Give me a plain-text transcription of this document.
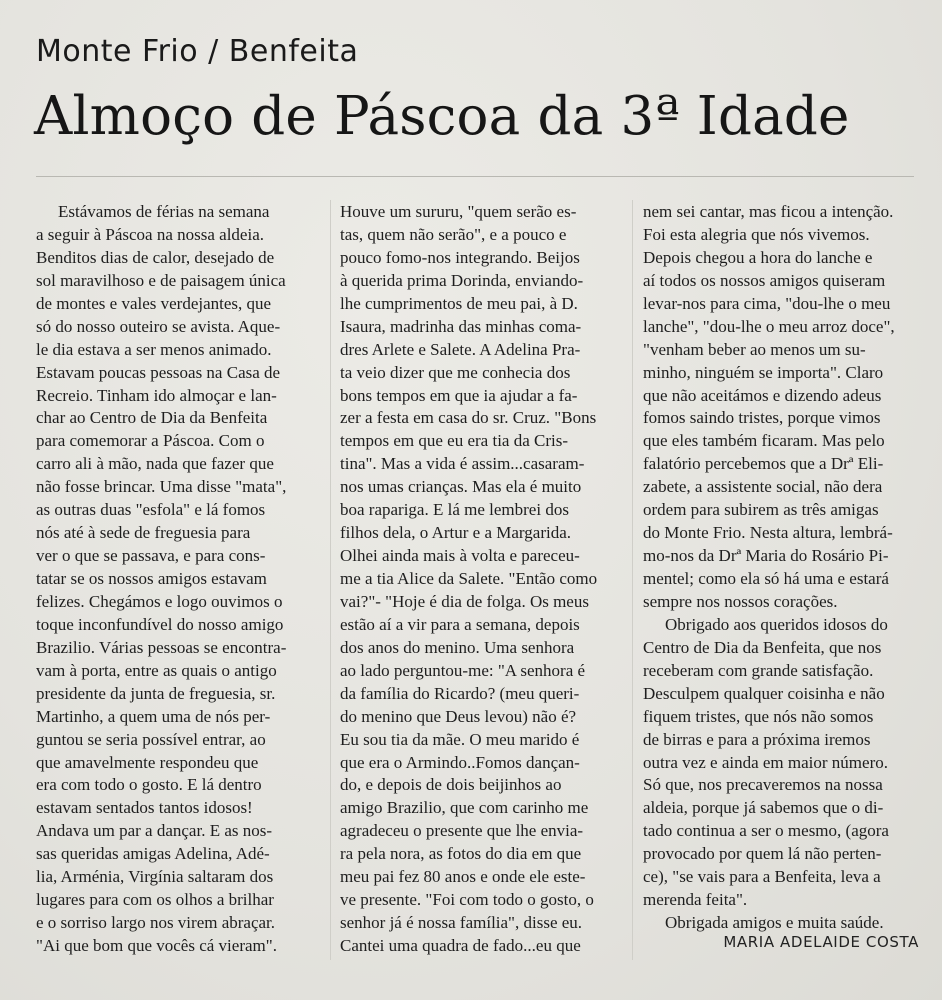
Monte Frio / Benfeita
Almoço de Páscoa da 3ª Idade
Estávamos de férias na semana
a seguir à Páscoa na nossa aldeia.
Benditos dias de calor, desejado de
sol maravilhoso e de paisagem única
de montes e vales verdejantes, que
só do nosso outeiro se avista. Aque-
le dia estava a ser menos animado.
Estavam poucas pessoas na Casa de
Recreio. Tinham ido almoçar e lan-
char ao Centro de Dia da Benfeita
para comemorar a Páscoa. Com o
carro ali à mão, nada que fazer que
não fosse brincar. Uma disse "mata",
as outras duas "esfola" e lá fomos
nós até à sede de freguesia para
ver o que se passava, e para cons-
tatar se os nossos amigos estavam
felizes. Chegámos e logo ouvimos o
toque inconfundível do nosso amigo
Brazilio. Várias pessoas se encontra-
vam à porta, entre as quais o antigo
presidente da junta de freguesia, sr.
Martinho, a quem uma de nós per-
guntou se seria possível entrar, ao
que amavelmente respondeu que
era com todo o gosto. E lá dentro
estavam sentados tantos idosos!
Andava um par a dançar. E as nos-
sas queridas amigas Adelina, Adé-
lia, Arménia, Virgínia saltaram dos
lugares para com os olhos a brilhar
e o sorriso largo nos virem abraçar.
"Ai que bom que vocês cá vieram".
Houve um sururu, "quem serão es-
tas, quem não serão", e a pouco e
pouco fomo-nos integrando. Beijos
à querida prima Dorinda, enviando-
lhe cumprimentos de meu pai, à D.
Isaura, madrinha das minhas coma-
dres Arlete e Salete. A Adelina Pra-
ta veio dizer que me conhecia dos
bons tempos em que ia ajudar a fa-
zer a festa em casa do sr. Cruz. "Bons
tempos em que eu era tia da Cris-
tina". Mas a vida é assim...casaram-
nos umas crianças. Mas ela é muito
boa rapariga. E lá me lembrei dos
filhos dela, o Artur e a Margarida.
Olhei ainda mais à volta e pareceu-
me a tia Alice da Salete. "Então como
vai?"- "Hoje é dia de folga. Os meus
estão aí a vir para a semana, depois
dos anos do menino. Uma senhora
ao lado perguntou-me: "A senhora é
da família do Ricardo? (meu queri-
do menino que Deus levou) não é?
Eu sou tia da mãe. O meu marido é
que era o Armindo..Fomos dançan-
do, e depois de dois beijinhos ao
amigo Brazilio, que com carinho me
agradeceu o presente que lhe envia-
ra pela nora, as fotos do dia em que
meu pai fez 80 anos e onde ele este-
ve presente. "Foi com todo o gosto, o
senhor já é nossa família", disse eu.
Cantei uma quadra de fado...eu que
nem sei cantar, mas ficou a intenção.
Foi esta alegria que nós vivemos.
Depois chegou a hora do lanche e
aí todos os nossos amigos quiseram
levar-nos para cima, "dou-lhe o meu
lanche", "dou-lhe o meu arroz doce",
"venham beber ao menos um su-
minho, ninguém se importa". Claro
que não aceitámos e dizendo adeus
fomos saindo tristes, porque vimos
que eles também ficaram. Mas pelo
falatório percebemos que a Drª Eli-
zabete, a assistente social, não dera
ordem para subirem as três amigas
do Monte Frio. Nesta altura, lembrá-
mo-nos da Drª Maria do Rosário Pi-
mentel; como ela só há uma e estará
sempre nos nossos corações.
Obrigado aos queridos idosos do
Centro de Dia da Benfeita, que nos
receberam com grande satisfação.
Desculpem qualquer coisinha e não
fiquem tristes, que nós não somos
de birras e para a próxima iremos
outra vez e ainda em maior número.
Só que, nos precaveremos na nossa
aldeia, porque já sabemos que o di-
tado continua a ser o mesmo, (agora
provocado por quem lá não perten-
ce), "se vais para a Benfeita, leva a
merenda feita".
Obrigada amigos e muita saúde.
MARIA ADELAIDE COSTA
